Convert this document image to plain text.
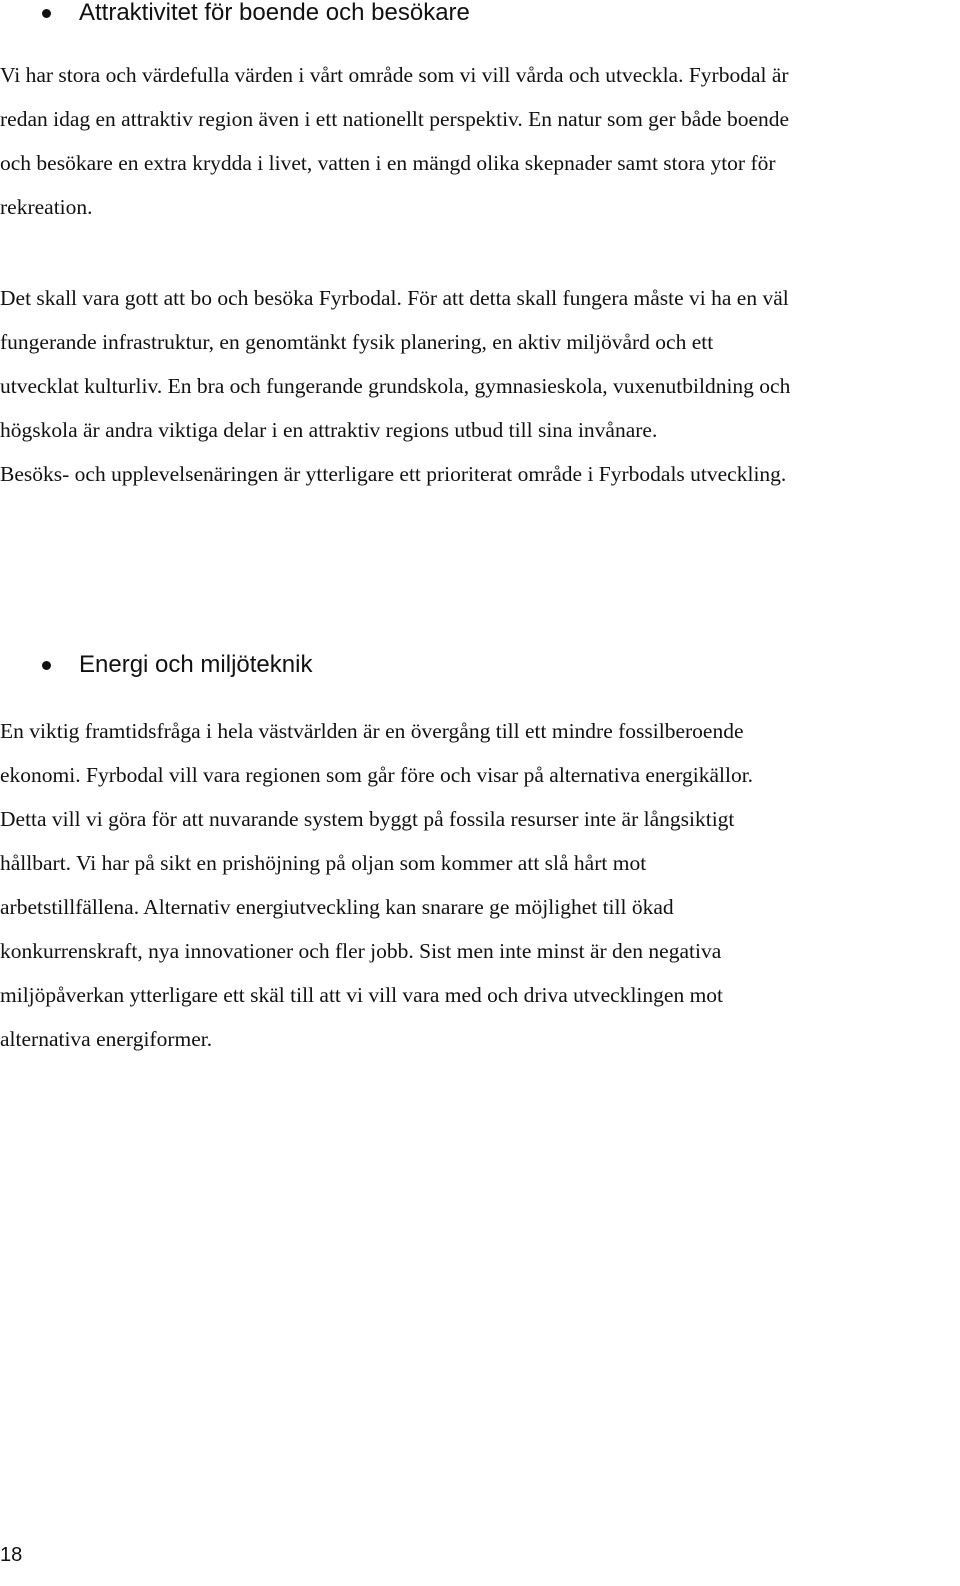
Attraktivitet för boende och besökare
Vi har stora och värdefulla värden i vårt område som vi vill vårda och utveckla. Fyrbodal är
redan idag en attraktiv region även i ett nationellt perspektiv. En natur som ger både boende
och besökare en extra krydda i livet, vatten i en mängd olika skepnader samt stora ytor för
rekreation.
Det skall vara gott att bo och besöka Fyrbodal. För att detta skall fungera måste vi ha en väl
fungerande infrastruktur, en genomtänkt fysik planering, en aktiv miljövård och ett
utvecklat kulturliv. En bra och fungerande grundskola, gymnasieskola, vuxenutbildning och
högskola är andra viktiga delar i en attraktiv regions utbud till sina invånare.
Besöks- och upplevelsenäringen är ytterligare ett prioriterat område i Fyrbodals utveckling.
Energi och miljöteknik
En viktig framtidsfråga i hela västvärlden är en övergång till ett mindre fossilberoende
ekonomi. Fyrbodal vill vara regionen som går före och visar på alternativa energikällor.
Detta vill vi göra för att nuvarande system byggt på fossila resurser inte är långsiktigt
hållbart. Vi har på sikt en prishöjning på oljan som kommer att slå hårt mot
arbetstillfällena. Alternativ energiutveckling kan snarare ge möjlighet till ökad
konkurrenskraft, nya innovationer och fler jobb. Sist men inte minst är den negativa
miljöpåverkan ytterligare ett skäl till att vi vill vara med och driva utvecklingen mot
alternativa energiformer.
18
